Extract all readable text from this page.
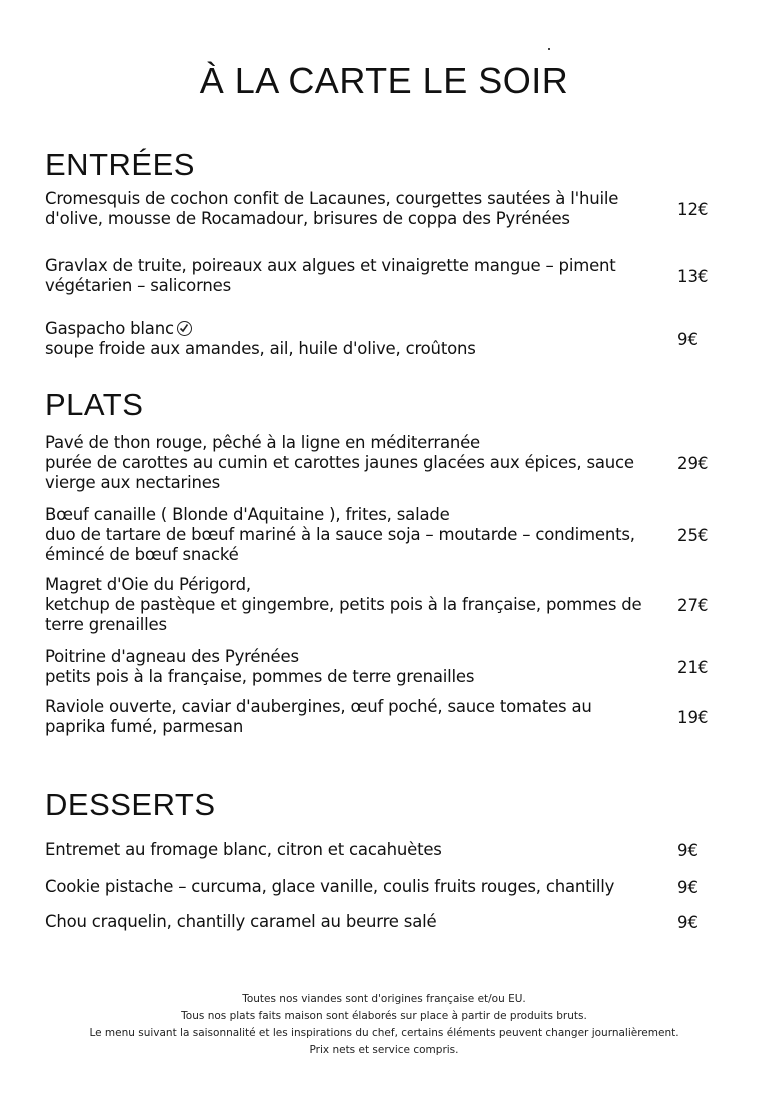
À LA CARTE LE SOIR
ENTRÉES
Cromesquis de cochon confit de Lacaunes, courgettes sautées à l'huile
d'olive, mousse de Rocamadour, brisures de coppa des Pyrénées	12€
Gravlax de truite, poireaux aux algues et vinaigrette mangue – piment
végétarien – salicornes	13€
Gaspacho blanc
soupe froide aux amandes, ail, huile d'olive, croûtons	9€
PLATS
Pavé de thon rouge, pêché à la ligne en méditerranée
purée de carottes au cumin et carottes jaunes glacées aux épices, sauce
vierge aux nectarines
29€
Bœuf canaille ( Blonde d'Aquitaine ), frites, salade
duo de tartare de bœuf mariné à la sauce soja – moutarde – condiments,
émincé de bœuf snacké
25€
Magret d'Oie du Périgord,
ketchup de pastèque et gingembre, petits pois à la française, pommes de
terre grenailles
27€
Poitrine d'agneau des Pyrénées
petits pois à la française, pommes de terre grenailles	21€
Raviole ouverte, caviar d'aubergines, œuf poché, sauce tomates au
paprika fumé, parmesan	19€
DESSERTS
Entremet au fromage blanc, citron et cacahuètes	9€
Cookie pistache – curcuma, glace vanille, coulis fruits rouges, chantilly	9€
Chou craquelin, chantilly caramel au beurre salé	9€
Toutes nos viandes sont d'origines française et/ou EU.
Tous nos plats faits maison sont élaborés sur place à partir de produits bruts.
Le menu suivant la saisonnalité et les inspirations du chef, certains éléments peuvent changer journalièrement.
Prix nets et service compris.
